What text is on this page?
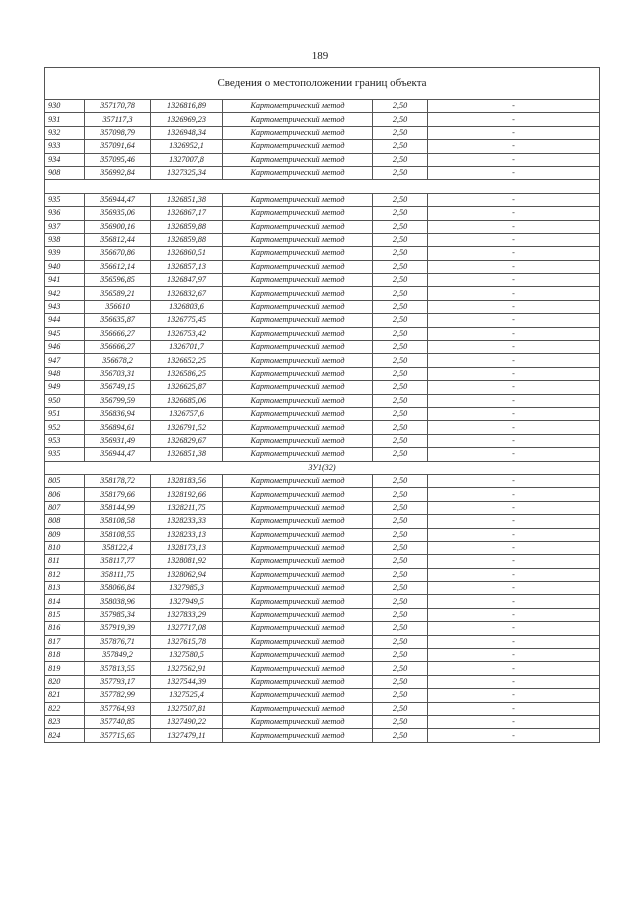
189
Сведения о местоположении границ объекта					
930	357170,78	1326816,89	Картометрический метод	2,50	-
931	357117,3	1326969,23	Картометрический метод	2,50	-
932	357098,79	1326948,34	Картометрический метод	2,50	-
933	357091,64	1326952,1	Картометрический метод	2,50	-
934	357095,46	1327007,8	Картометрический метод	2,50	-
908	356992,84	1327325,34	Картометрический метод	2,50	-

935	356944,47	1326851,38	Картометрический метод	2,50	-
936	356935,06	1326867,17	Картометрический метод	2,50	-
937	356900,16	1326859,88	Картометрический метод	2,50	-
938	356812,44	1326859,88	Картометрический метод	2,50	-
939	356670,86	1326860,51	Картометрический метод	2,50	-
940	356612,14	1326857,13	Картометрический метод	2,50	-
941	356596,85	1326847,97	Картометрический метод	2,50	-
942	356589,21	1326832,67	Картометрический метод	2,50	-
943	356610	1326803,6	Картометрический метод	2,50	-
944	356635,87	1326775,45	Картометрический метод	2,50	-
945	356666,27	1326753,42	Картометрический метод	2,50	-
946	356666,27	1326701,7	Картометрический метод	2,50	-
947	356678,2	1326652,25	Картометрический метод	2,50	-
948	356703,31	1326586,25	Картометрический метод	2,50	-
949	356749,15	1326625,87	Картометрический метод	2,50	-
950	356799,59	1326685,06	Картометрический метод	2,50	-
951	356836,94	1326757,6	Картометрический метод	2,50	-
952	356894,61	1326791,52	Картометрический метод	2,50	-
953	356931,49	1326829,67	Картометрический метод	2,50	-
935	356944,47	1326851,38	Картометрический метод	2,50	-
ЗУ1(32)					
805	358178,72	1328183,56	Картометрический метод	2,50	-
806	358179,66	1328192,66	Картометрический метод	2,50	-
807	358144,99	1328211,75	Картометрический метод	2,50	-
808	358108,58	1328233,33	Картометрический метод	2,50	-
809	358108,55	1328233,13	Картометрический метод	2,50	-
810	358122,4	1328173,13	Картометрический метод	2,50	-
811	358117,77	1328081,92	Картометрический метод	2,50	-
812	358111,75	1328062,94	Картометрический метод	2,50	-
813	358066,84	1327985,3	Картометрический метод	2,50	-
814	358038,96	1327949,5	Картометрический метод	2,50	-
815	357985,34	1327833,29	Картометрический метод	2,50	-
816	357919,39	1327717,08	Картометрический метод	2,50	-
817	357876,71	1327615,78	Картометрический метод	2,50	-
818	357849,2	1327580,5	Картометрический метод	2,50	-
819	357813,55	1327562,91	Картометрический метод	2,50	-
820	357793,17	1327544,39	Картометрический метод	2,50	-
821	357782,99	1327525,4	Картометрический метод	2,50	-
822	357764,93	1327507,81	Картометрический метод	2,50	-
823	357740,85	1327490,22	Картометрический метод	2,50	-
824	357715,65	1327479,11	Картометрический метод	2,50	-
